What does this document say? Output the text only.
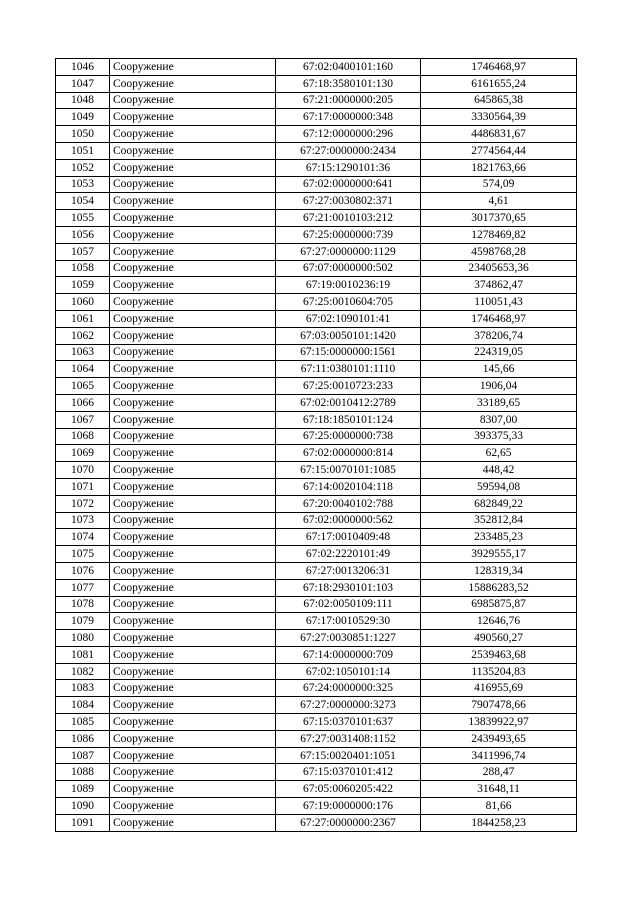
1046	Сооружение	67:02:0400101:160	1746468,97
1047	Сооружение	67:18:3580101:130	6161655,24
1048	Сооружение	67:21:0000000:205	645865,38
1049	Сооружение	67:17:0000000:348	3330564,39
1050	Сооружение	67:12:0000000:296	4486831,67
1051	Сооружение	67:27:0000000:2434	2774564,44
1052	Сооружение	67:15:1290101:36	1821763,66
1053	Сооружение	67:02:0000000:641	574,09
1054	Сооружение	67:27:0030802:371	4,61
1055	Сооружение	67:21:0010103:212	3017370,65
1056	Сооружение	67:25:0000000:739	1278469,82
1057	Сооружение	67:27:0000000:1129	4598768,28
1058	Сооружение	67:07:0000000:502	23405653,36
1059	Сооружение	67:19:0010236:19	374862,47
1060	Сооружение	67:25:0010604:705	110051,43
1061	Сооружение	67:02:1090101:41	1746468,97
1062	Сооружение	67:03:0050101:1420	378206,74
1063	Сооружение	67:15:0000000:1561	224319,05
1064	Сооружение	67:11:0380101:1110	145,66
1065	Сооружение	67:25:0010723:233	1906,04
1066	Сооружение	67:02:0010412:2789	33189,65
1067	Сооружение	67:18:1850101:124	8307,00
1068	Сооружение	67:25:0000000:738	393375,33
1069	Сооружение	67:02:0000000:814	62,65
1070	Сооружение	67:15:0070101:1085	448,42
1071	Сооружение	67:14:0020104:118	59594,08
1072	Сооружение	67:20:0040102:788	682849,22
1073	Сооружение	67:02:0000000:562	352812,84
1074	Сооружение	67:17:0010409:48	233485,23
1075	Сооружение	67:02:2220101:49	3929555,17
1076	Сооружение	67:27:0013206:31	128319,34
1077	Сооружение	67:18:2930101:103	15886283,52
1078	Сооружение	67:02:0050109:111	6985875,87
1079	Сооружение	67:17:0010529:30	12646,76
1080	Сооружение	67:27:0030851:1227	490560,27
1081	Сооружение	67:14:0000000:709	2539463,68
1082	Сооружение	67:02:1050101:14	1135204,83
1083	Сооружение	67:24:0000000:325	416955,69
1084	Сооружение	67:27:0000000:3273	7907478,66
1085	Сооружение	67:15:0370101:637	13839922,97
1086	Сооружение	67:27:0031408:1152	2439493,65
1087	Сооружение	67:15:0020401:1051	3411996,74
1088	Сооружение	67:15:0370101:412	288,47
1089	Сооружение	67:05:0060205:422	31648,11
1090	Сооружение	67:19:0000000:176	81,66
1091	Сооружение	67:27:0000000:2367	1844258,23
